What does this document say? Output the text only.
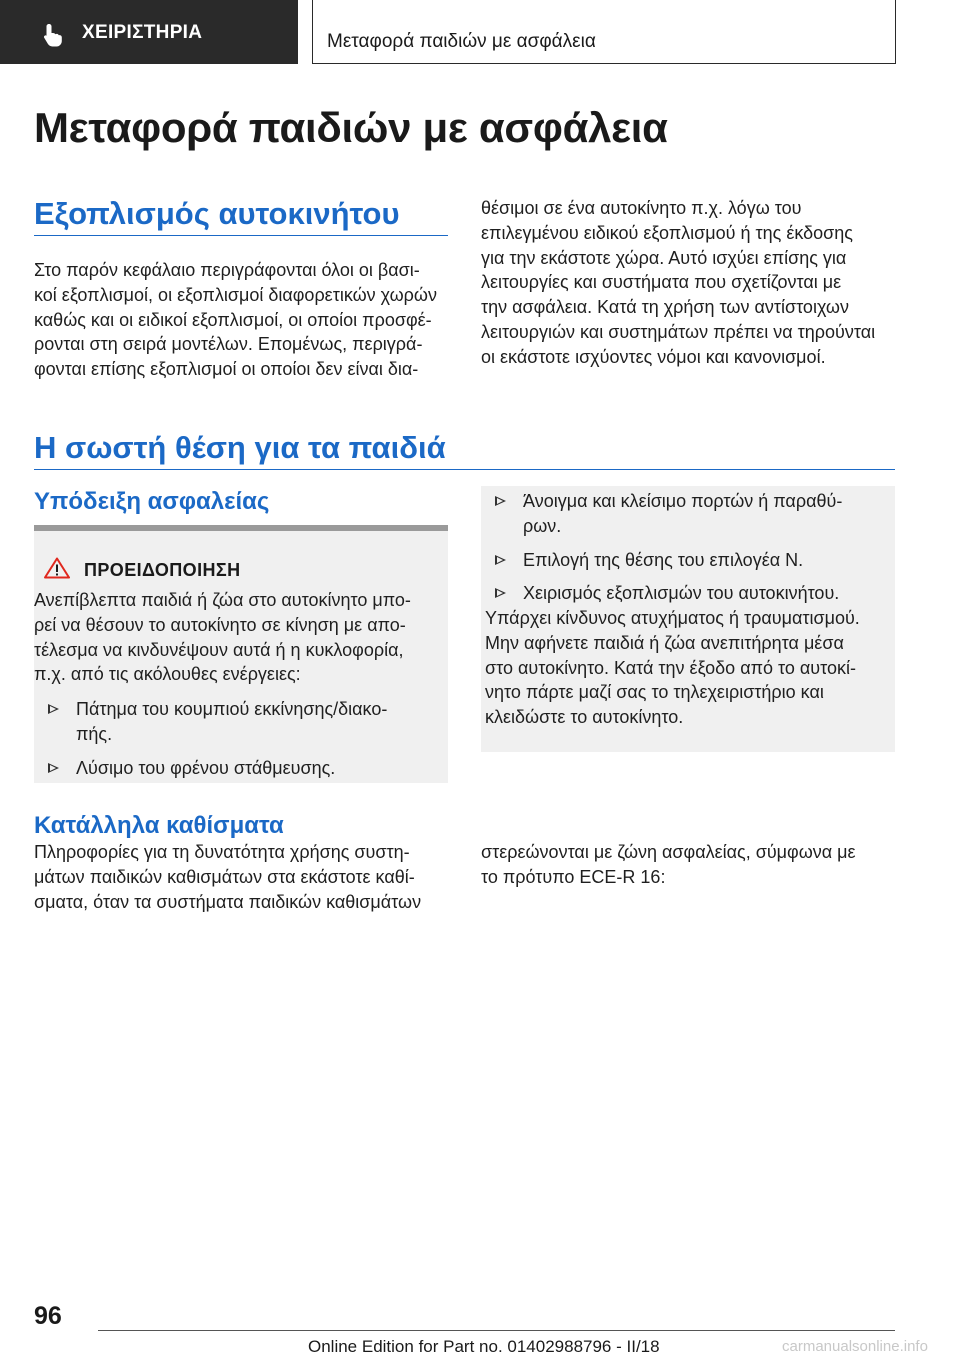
ΧΕΙΡΙΣΤΗΡΙΑ	Μεταφορά παιδιών με ασφάλεια
Μεταφορά παιδιών με ασφάλεια
Εξοπλισμός αυτοκινήτου

Στο παρόν κεφάλαιο περιγράφονται όλοι οι βασι‐

κοί εξοπλισμοί, οι εξοπλισμοί διαφορετικών χωρών

καθώς και οι ειδικοί εξοπλισμοί, οι οποίοι προσφέ‐

ρονται στη σειρά μοντέλων. Επομένως, περιγρά‐

φονται επίσης εξοπλισμοί οι οποίοι δεν είναι δια‐

θέσιμοι σε ένα αυτοκίνητο π.χ. λόγω του

επιλεγμένου ειδικού εξοπλισμού ή της έκδοσης

για την εκάστοτε χώρα. Αυτό ισχύει επίσης για

λειτουργίες και συστήματα που σχετίζονται με

την ασφάλεια. Κατά τη χρήση των αντίστοιχων

λειτουργιών και συστημάτων πρέπει να τηρούνται

οι εκάστοτε ισχύοντες νόμοι και κανονισμοί.

Η σωστή θέση για τα παιδιά
Υπόδειξη ασφαλείας
ΠΡΟΕΙΔΟΠΟΙΗΣΗ

Ανεπίβλεπτα παιδιά ή ζώα στο αυτοκίνητο μπο‐

ρεί να θέσουν το αυτοκίνητο σε κίνηση με απο‐

τέλεσμα να κινδυνέψουν αυτά ή η κυκλοφορία,

π.χ. από τις ακόλουθες ενέργειες:

Πάτημα του κουμπιού εκκίνησης/διακο‐

πής.

Λύσιμο του φρένου στάθμευσης.

Άνοιγμα και κλείσιμο πορτών ή παραθύ‐

ρων.

Επιλογή της θέσης του επιλογέα N.

Χειρισμός εξοπλισμών του αυτοκινήτου.

Υπάρχει κίνδυνος ατυχήματος ή τραυματισμού.

Μην αφήνετε παιδιά ή ζώα ανεπιτήρητα μέσα

στο αυτοκίνητο. Κατά την έξοδο από το αυτοκί‐

νητο πάρτε μαζί σας το τηλεχειριστήριο και

κλειδώστε το αυτοκίνητο.

Κατάλληλα καθίσματα

Πληροφορίες για τη δυνατότητα χρήσης συστη‐

μάτων παιδικών καθισμάτων στα εκάστοτε καθί‐

σματα, όταν τα συστήματα παιδικών καθισμάτων

στερεώνονται με ζώνη ασφαλείας, σύμφωνα με

το πρότυπο ECE-R 16:

96
Online Edition for Part no. 01402988796 - II/18	carmanualsonline.info
